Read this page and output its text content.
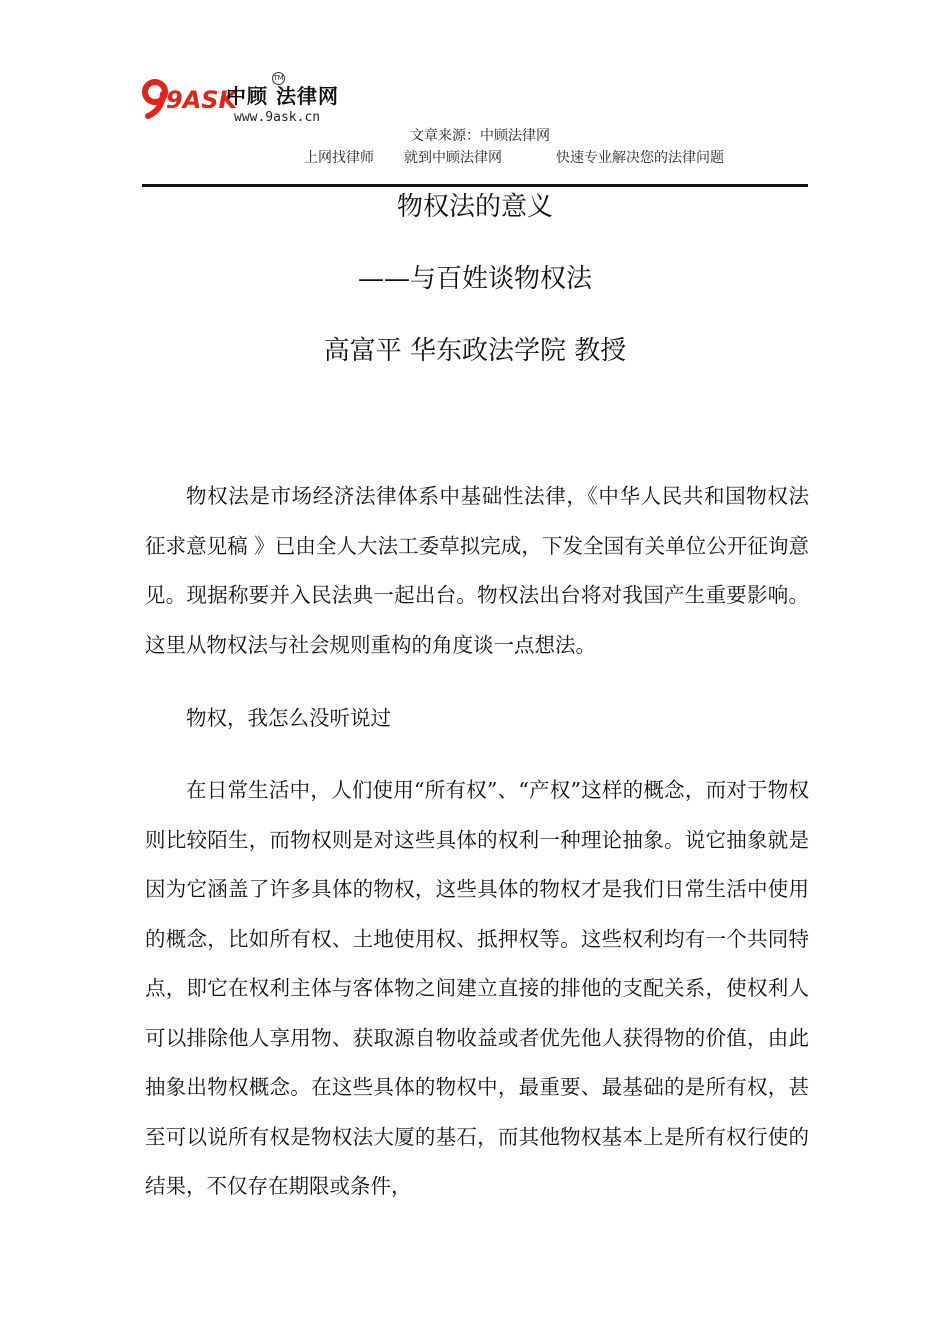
9ASK
中顾 法律网
TM
www.9ask.cn
文章来源：中顾法律网
上网找律师	就到中顾法律网	快速专业解决您的法律问题
物权法的意义
——与百姓谈物权法
高富平 华东政法学院 教授

物权法是市场经济法律体系中基础性法律，《中华人民共和国物权法 征求意见稿 》已由全人大法工委草拟完成，下发全国有关单位公开征询意见。现据称要并入民法典一起出台。物权法出台将对我国产生重要影响。这里从物权法与社会规则重构的角度谈一点想法。

物权，我怎么没听说过

在日常生活中，人们使用“所有权”、“产权”这样的概念，而对于物权则比较陌生，而物权则是对这些具体的权利一种理论抽象。说它抽象就是因为它涵盖了许多具体的物权，这些具体的物权才是我们日常生活中使用的概念，比如所有权、土地使用权、抵押权等。这些权利均有一个共同特点，即它在权利主体与客体物之间建立直接的排他的支配关系，使权利人可以排除他人享用物、获取源自物收益或者优先他人获得物的价值，由此抽象出物权概念。在这些具体的物权中，最重要、最基础的是所有权，甚至可以说所有权是物权法大厦的基石，而其他物权基本上是所有权行使的结果，不仅存在期限或条件，
